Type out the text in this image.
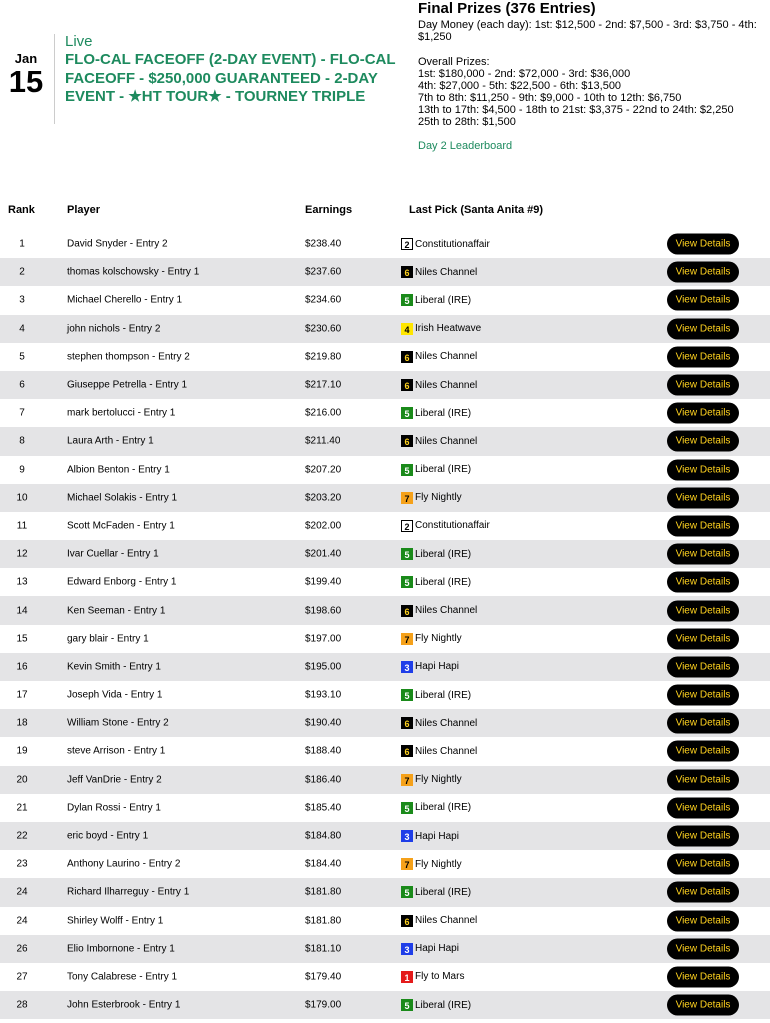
Jan
15
Live
FLO-CAL FACEOFF (2-DAY EVENT) - FLO-CAL FACEOFF - $250,000 GUARANTEED - 2-DAY EVENT - ★HT TOUR★ - TOURNEY TRIPLE
Final Prizes (376 Entries)
Day Money (each day): 1st: $12,500 - 2nd: $7,500 - 3rd: $3,750 - 4th: $1,250
Overall Prizes:
1st: $180,000 - 2nd: $72,000 - 3rd: $36,000
4th: $27,000 - 5th: $22,500 - 6th: $13,500
7th to 8th: $11,250 - 9th: $9,000 - 10th to 12th: $6,750
13th to 17th: $4,500 - 18th to 21st: $3,375 - 22nd to 24th: $2,250
25th to 28th: $1,500
Day 2 Leaderboard
Rank	Player	Earnings	Last Pick (Santa Anita #9)
1	David Snyder - Entry 2	$238.40	2 Constitutionaffair	View Details
2	thomas kolschowsky - Entry 1	$237.60	6 Niles Channel	View Details
3	Michael Cherello - Entry 1	$234.60	5 Liberal (IRE)	View Details
4	john nichols - Entry 2	$230.60	4 Irish Heatwave	View Details
5	stephen thompson - Entry 2	$219.80	6 Niles Channel	View Details
6	Giuseppe Petrella - Entry 1	$217.10	6 Niles Channel	View Details
7	mark bertolucci - Entry 1	$216.00	5 Liberal (IRE)	View Details
8	Laura Arth - Entry 1	$211.40	6 Niles Channel	View Details
9	Albion Benton - Entry 1	$207.20	5 Liberal (IRE)	View Details
10	Michael Solakis - Entry 1	$203.20	7 Fly Nightly	View Details
11	Scott McFaden - Entry 1	$202.00	2 Constitutionaffair	View Details
12	Ivar Cuellar - Entry 1	$201.40	5 Liberal (IRE)	View Details
13	Edward Enborg - Entry 1	$199.40	5 Liberal (IRE)	View Details
14	Ken Seeman - Entry 1	$198.60	6 Niles Channel	View Details
15	gary blair - Entry 1	$197.00	7 Fly Nightly	View Details
16	Kevin Smith - Entry 1	$195.00	3 Hapi Hapi	View Details
17	Joseph Vida - Entry 1	$193.10	5 Liberal (IRE)	View Details
18	William Stone - Entry 2	$190.40	6 Niles Channel	View Details
19	steve Arrison - Entry 1	$188.40	6 Niles Channel	View Details
20	Jeff VanDrie - Entry 2	$186.40	7 Fly Nightly	View Details
21	Dylan Rossi - Entry 1	$185.40	5 Liberal (IRE)	View Details
22	eric boyd - Entry 1	$184.80	3 Hapi Hapi	View Details
23	Anthony Laurino - Entry 2	$184.40	7 Fly Nightly	View Details
24	Richard Ilharreguy - Entry 1	$181.80	5 Liberal (IRE)	View Details
24	Shirley Wolff - Entry 1	$181.80	6 Niles Channel	View Details
26	Elio Imbornone - Entry 1	$181.10	3 Hapi Hapi	View Details
27	Tony Calabrese - Entry 1	$179.40	1 Fly to Mars	View Details
28	John Esterbrook - Entry 1	$179.00	5 Liberal (IRE)	View Details
